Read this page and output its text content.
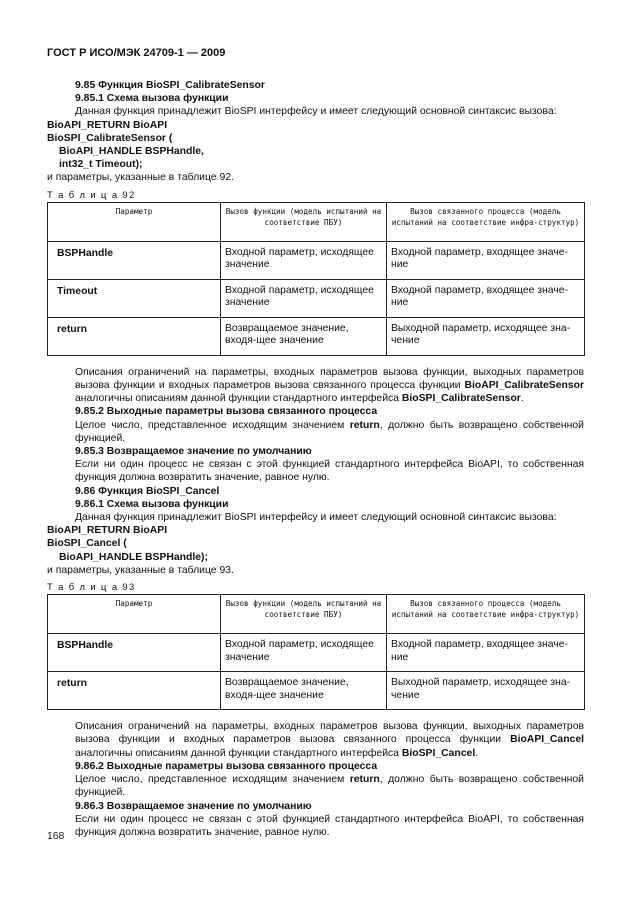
ГОСТ Р ИСО/МЭК 24709-1 — 2009

9.85 Функция BioSPI_CalibrateSensor

9.85.1 Схема вызова функции

Данная функция принадлежит BioSPI интерфейсу и имеет следующий основной синтаксис вызова:

BioAPI_RETURN BioAPI

BioSPI_CalibrateSensor (

BioAPI_HANDLE BSPHandle,

int32_t Timeout);

и параметры, указанные в таблице 92.

Т а б л и ц а 92

Параметр	Вызов функции (модель испытаний на соответствие ПБУ)	Вызов связанного процесса (модель испытаний на соответствие инфра-структур)
BSPHandle	Входной параметр, исходящее значение	Входной параметр, входящее значе-ние
Timeout	Входной параметр, исходящее значение	Входной параметр, входящее значе-ние
return	Возвращаемое значение, входя-щее значение	Выходной параметр, исходящее зна-чение

Описания ограничений на параметры, входных параметров вызова функции, выходных параметров вызова функции и входных параметров вызова связанного процесса функции BioAPI_CalibrateSensor аналогичны описаниям данной функции стандартного интерфейса BioSPI_CalibrateSensor.

9.85.2 Выходные параметры вызова связанного процесса

Целое число, представленное исходящим значением return, должно быть возвращено собственной функцией.

9.85.3 Возвращаемое значение по умолчанию

Если ни один процесс не связан с этой функцией стандартного интерфейса BioAPI, то собственная функция должна возвратить значение, равное нулю.

9.86 Функция BioSPI_Cancel

9.86.1 Схема вызова функции

Данная функция принадлежит BioSPI интерфейсу и имеет следующий основной синтаксис вызова:

BioAPI_RETURN BioAPI

BioSPI_Cancel (

BioAPI_HANDLE BSPHandle);

и параметры, указанные в таблице 93.

Т а б л и ц а 93

Параметр	Вызов функции (модель испытаний на соответствие ПБУ)	Вызов связанного процесса (модель испытаний на соответствие инфра-структур)
BSPHandle	Входной параметр, исходящее значение	Входной параметр, входящее значе-ние
return	Возвращаемое значение, входя-щее значение	Выходной параметр, исходящее зна-чение

Описания ограничений на параметры, входных параметров вызова функции, выходных параметров вызова функции и входных параметров вызова связанного процесса функции BioAPI_Cancel аналогичны описаниям данной функции стандартного интерфейса BioSPI_Cancel.

9.86.2 Выходные параметры вызова связанного процесса

Целое число, представленное исходящим значением return, должно быть возвращено собственной функцией.

9.86.3 Возвращаемое значение по умолчанию

Если ни один процесс не связан с этой функцией стандартного интерфейса BioAPI, то собственная функция должна возвратить значение, равное нулю.

168
